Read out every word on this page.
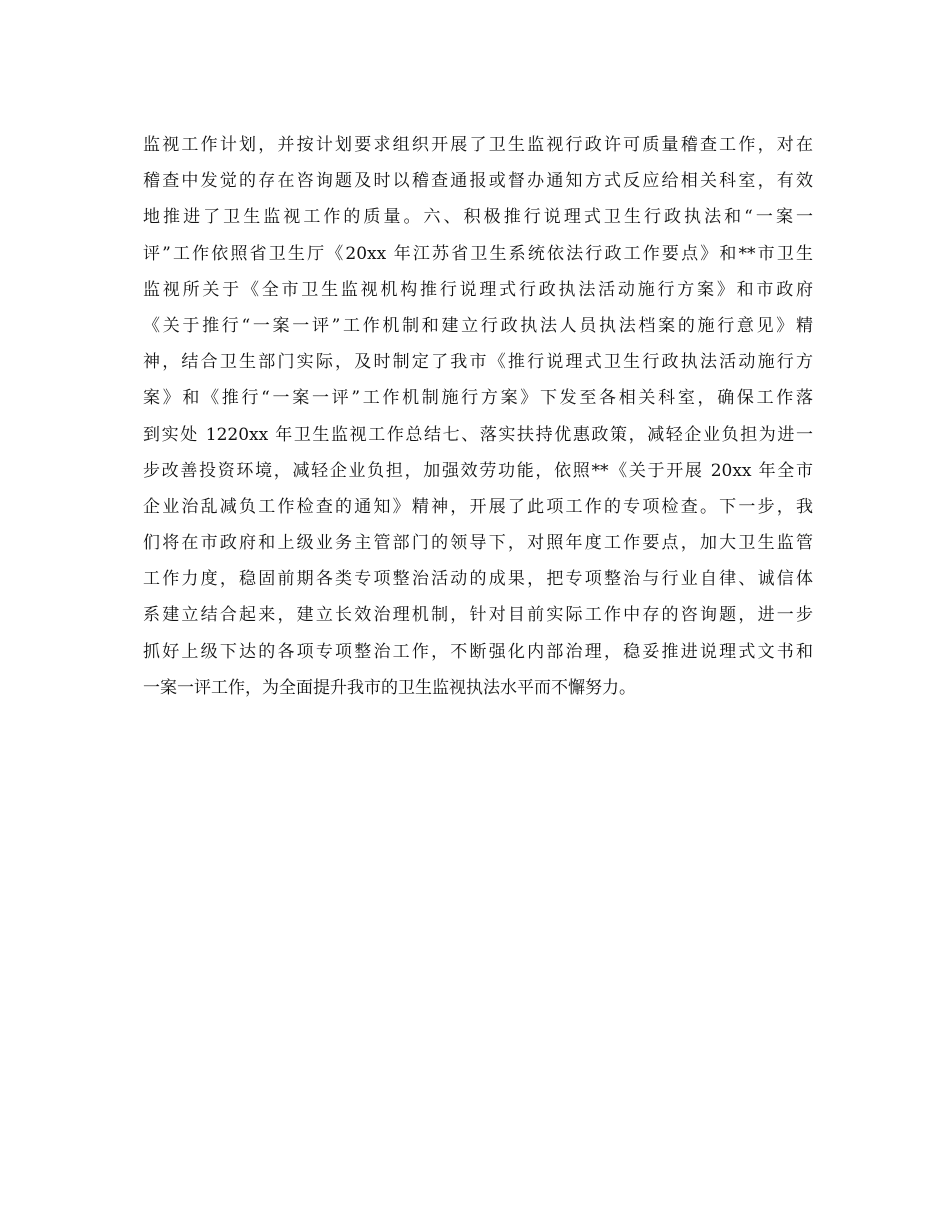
监视工作计划，并按计划要求组织开展了卫生监视行政许可质量稽查工作，对在
稽查中发觉的存在咨询题及时以稽查通报或督办通知方式反应给相关科室，有效
地推进了卫生监视工作的质量。六、积极推行说理式卫生行政执法和“一案一
评”工作依照省卫生厅《20xx 年江苏省卫生系统依法行政工作要点》和**市卫生
监视所关于《全市卫生监视机构推行说理式行政执法活动施行方案》和市政府
《关于推行“一案一评”工作机制和建立行政执法人员执法档案的施行意见》精
神，结合卫生部门实际，及时制定了我市《推行说理式卫生行政执法活动施行方
案》和《推行“一案一评”工作机制施行方案》下发至各相关科室，确保工作落
到实处 1220xx 年卫生监视工作总结七、落实扶持优惠政策，减轻企业负担为进一
步改善投资环境，减轻企业负担，加强效劳功能，依照**《关于开展 20xx 年全市
企业治乱减负工作检查的通知》精神，开展了此项工作的专项检查。下一步，我
们将在市政府和上级业务主管部门的领导下，对照年度工作要点，加大卫生监管
工作力度，稳固前期各类专项整治活动的成果，把专项整治与行业自律、诚信体
系建立结合起来，建立长效治理机制，针对目前实际工作中存的咨询题，进一步
抓好上级下达的各项专项整治工作，不断强化内部治理，稳妥推进说理式文书和
一案一评工作，为全面提升我市的卫生监视执法水平而不懈努力。
